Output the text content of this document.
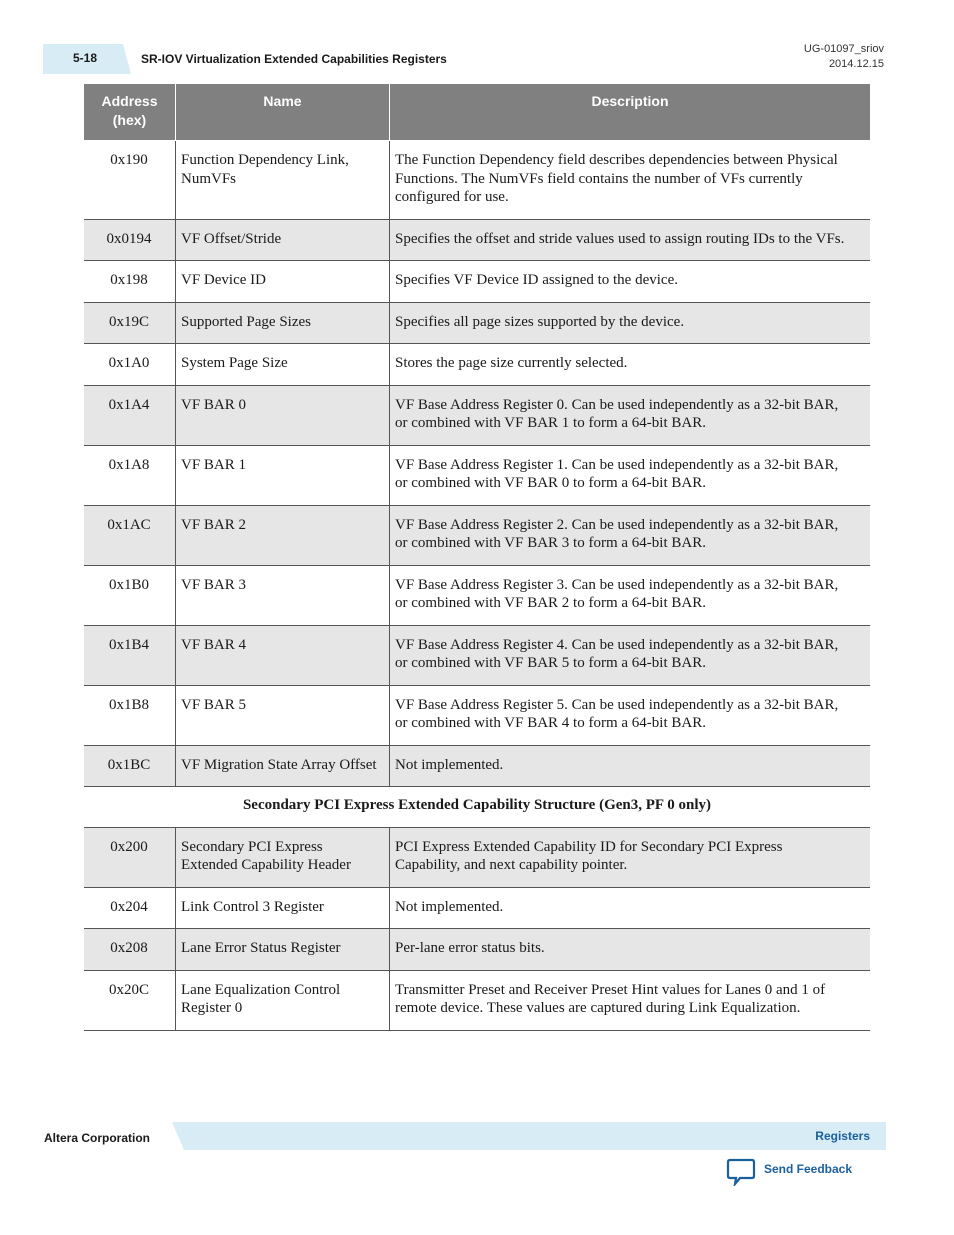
5-18	SR-IOV Virtualization Extended Capabilities Registers
UG-01097_sriov
2014.12.15
Address
(hex)	Name	Description
0x190	Function Dependency Link, NumVFs	The Function Dependency field describes dependencies between Physical Functions. The NumVFs field contains the number of VFs currently configured for use.
0x0194	VF Offset/Stride	Specifies the offset and stride values used to assign routing IDs to the VFs.
0x198	VF Device ID	Specifies VF Device ID assigned to the device.
0x19C	Supported Page Sizes	Specifies all page sizes supported by the device.
0x1A0	System Page Size	Stores the page size currently selected.
0x1A4	VF BAR 0	VF Base Address Register 0. Can be used independently as a 32-bit BAR, or combined with VF BAR 1 to form a 64-bit BAR.
0x1A8	VF BAR 1	VF Base Address Register 1. Can be used independently as a 32-bit BAR, or combined with VF BAR 0 to form a 64-bit BAR.
0x1AC	VF BAR 2	VF Base Address Register 2. Can be used independently as a 32-bit BAR, or combined with VF BAR 3 to form a 64-bit BAR.
0x1B0	VF BAR 3	VF Base Address Register 3. Can be used independently as a 32-bit BAR, or combined with VF BAR 2 to form a 64-bit BAR.
0x1B4	VF BAR 4	VF Base Address Register 4. Can be used independently as a 32-bit BAR, or combined with VF BAR 5 to form a 64-bit BAR.
0x1B8	VF BAR 5	VF Base Address Register 5. Can be used independently as a 32-bit BAR, or combined with VF BAR 4 to form a 64-bit BAR.
0x1BC	VF Migration State Array Offset	Not implemented.
Secondary PCI Express Extended Capability Structure (Gen3, PF 0 only)		
0x200	Secondary PCI Express Extended Capability Header	PCI Express Extended Capability ID for Secondary PCI Express Capability, and next capability pointer.
0x204	Link Control 3 Register	Not implemented.
0x208	Lane Error Status Register	Per-lane error status bits.
0x20C	Lane Equalization Control Register 0	Transmitter Preset and Receiver Preset Hint values for Lanes 0 and 1 of remote device. These values are captured during Link Equalization.
Altera Corporation	Registers
Send Feedback
